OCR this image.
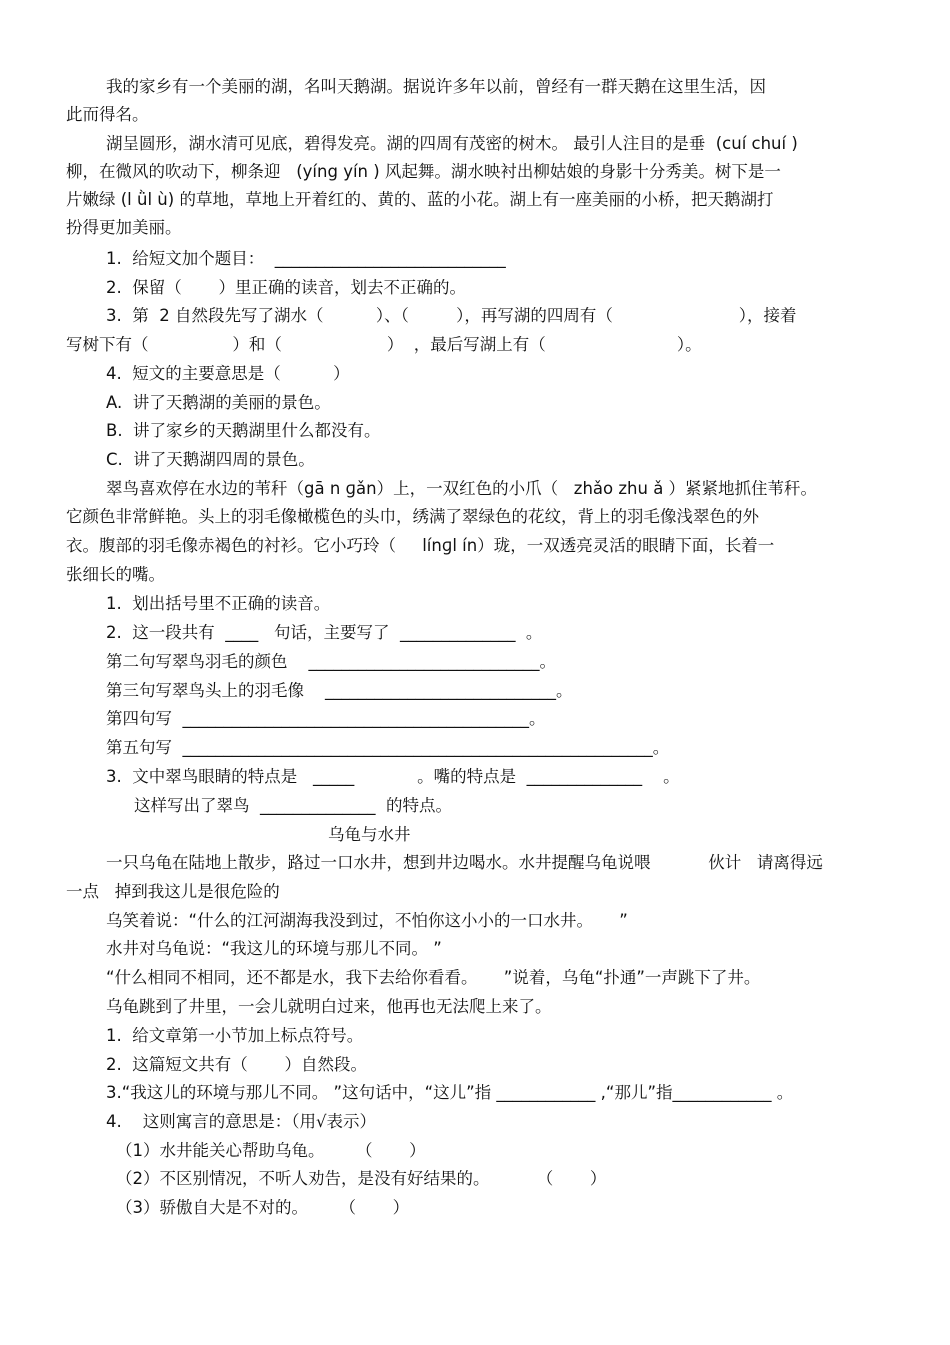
我的家乡有一个美丽的湖，名叫天鹅湖。据说许多年以前，曾经有一群天鹅在这里生活，因
此而得名。
湖呈圆形，湖水清可见底，碧得发亮。湖的四周有茂密的树木。 最引人注目的是垂  (cuí chuí )
柳，在微风的吹动下，柳条迎   (yíng yín ) 风起舞。湖水映衬出柳姑娘的身影十分秀美。树下是一
片嫩绿 (l ǜl ù) 的草地，草地上开着红的、黄的、蓝的小花。湖上有一座美丽的小桥，把天鹅湖打
扮得更加美丽。
1.  给短文加个题目：  ____________________________
2.  保留（       ）里正确的读音，划去不正确的。
3.  第  2 自然段先写了湖水（          ）、（         ），再写湖的四周有（                        ），接着
写树下有（                ）和（                    ）  ，最后写湖上有（                         ）。
4.  短文的主要意思是（          ）
A.  讲了天鹅湖的美丽的景色。
B.  讲了家乡的天鹅湖里什么都没有。
C.  讲了天鹅湖四周的景色。
翠鸟喜欢停在水边的苇秆（gā n ɡǎn）上，一双红色的小爪（   zhǎo zhu ǎ ）紧紧地抓住苇秆。
它颜色非常鲜艳。头上的羽毛像橄榄色的头巾，绣满了翠绿色的花纹，背上的羽毛像浅翠色的外
衣。腹部的羽毛像赤褐色的衬衫。它小巧玲（     línɡl ín）珑，一双透亮灵活的眼睛下面，长着一
张细长的嘴。
1.  划出括号里不正确的读音。
2.  这一段共有  ____   句话，主要写了  ______________  。
第二句写翠鸟羽毛的颜色    ____________________________。
第三句写翠鸟头上的羽毛像    ____________________________。
第四句写  __________________________________________。
第五句写  _________________________________________________________。
3.  文中翠鸟眼睛的特点是   _____            。嘴的特点是  ______________    。
这样写出了翠鸟  ______________  的特点。
乌龟与水井
一只乌龟在陆地上散步，路过一口水井，想到井边喝水。水井提醒乌龟说喂           伙计   请离得远
一点   掉到我这儿是很危险的
乌笑着说：“什么的江河湖海我没到过，不怕你这小小的一口水井。     ”
水井对乌龟说：“我这儿的环境与那儿不同。 ”
“什么相同不相同，还不都是水，我下去给你看看。     ”说着，乌龟“扑通”一声跳下了井。
乌龟跳到了井里，一会儿就明白过来，他再也无法爬上来了。
1.  给文章第一小节加上标点符号。
2.  这篇短文共有（       ）自然段。
3.“我这儿的环境与那儿不同。 ”这句话中，“这儿”指 ____________ ,“那儿”指____________ 。
4.    这则寓言的意思是：（用√表示）
（1）水井能关心帮助乌龟。      （       ）
（2）不区别情况，不听人劝告，是没有好结果的。         （       ）
（3）骄傲自大是不对的。      （       ）
